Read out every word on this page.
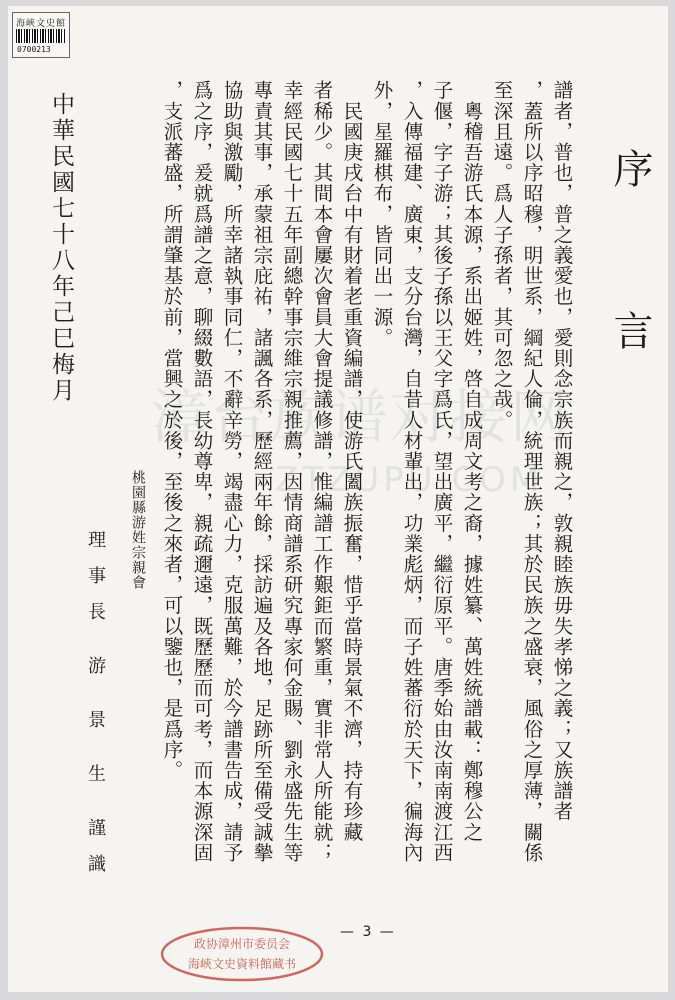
海峽文史館
0700213
漳台族谱对接网
ZTZUPU.COM
序
言
譜者，普也，普之義愛也，愛則念宗族而親之，敦親睦族毋失孝悌之義；又族譜者
，蓋所以序昭穆，明世系，綱紀人倫，統理世族；其於民族之盛衰，風俗之厚薄，關係
至深且遠。爲人子孫者，其可忽之哉。
　粵稽吾游氏本源，系出姬姓，啓自成周文考之裔，據姓纂、萬姓統譜載：鄭穆公之
子偃，字子游；其後子孫以王父字爲氏，望出廣平，繼衍原平。唐季始由汝南南渡江西
，入傳福建、廣東，支分台灣，自昔人材輩出，功業彪炳，而子姓蕃衍於天下，徧海內
外，星羅棋布，皆同出一源。
　民國庚戌台中有財着老重資編譜，使游氏闔族振奮，惜乎當時景氣不濟，持有珍藏
者稀少。其間本會屢次會員大會提議修譜，惟編譜工作艱鉅而繁重，實非常人所能就；
幸經民國七十五年副總幹事宗維宗親推薦，因情商譜系研究專家何金賜、劉永盛先生等
專責其事，承蒙祖宗庇祐，諸諷各系，歷經兩年餘，採訪遍及各地，足跡所至備受誠摰
協助與激勵，所幸諸執事同仁，不辭辛勞，竭盡心力，克服萬難，於今譜書告成，請予
爲之序，爰就爲譜之意，聊綴數語，長幼尊卑，親疏邇遠，既歷歷而可考，而本源深固
，支派蕃盛，所謂肇基於前，當興之於後，至後之來者，可以鑒也，是爲序。
桃園縣游姓宗親會
理　事　長　　游　　景　　生　　謹　識
中華民國七十八年己巳梅月
— 3 —
政协漳州市委员会
海峽文史資料館藏书
